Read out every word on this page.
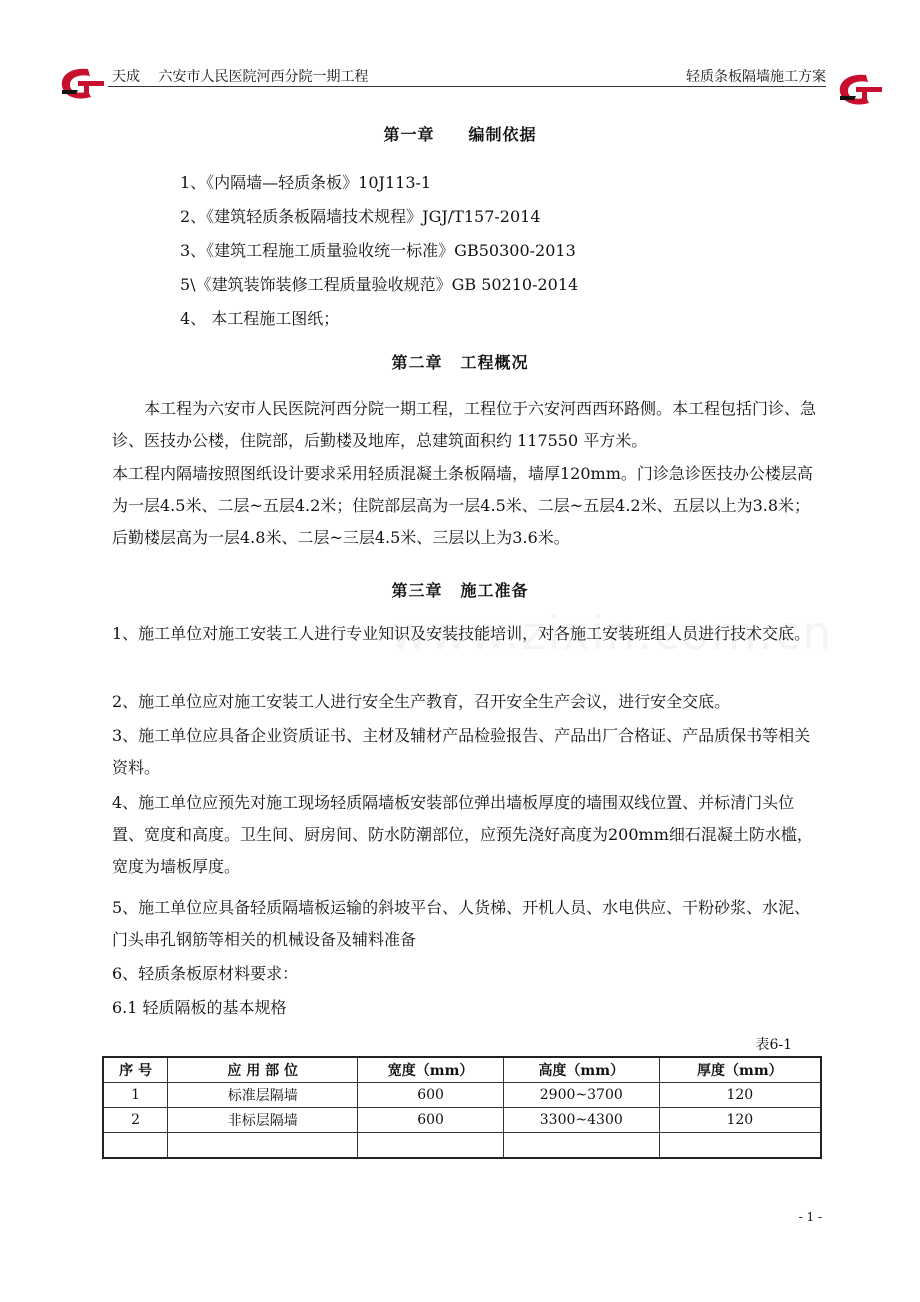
天成 六安市人民医院河西分院一期工程	轻质条板隔墙施工方案
第一章 编制依据
1、《内隔墙—轻质条板》10J113-1
2、《建筑轻质条板隔墙技术规程》JGJ/T157-2014
3、《建筑工程施工质量验收统一标准》GB50300-2013
5\《建筑装饰装修工程质量验收规范》GB 50210-2014
4、 本工程施工图纸；
第二章 工程概况
本工程为六安市人民医院河西分院一期工程，工程位于六安河西西环路侧。本工程包括门诊、急诊、医技办公楼，住院部，后勤楼及地库，总建筑面积约 117550 平方米。
本工程内隔墙按照图纸设计要求采用轻质混凝土条板隔墙，墙厚120mm。门诊急诊医技办公楼层高为一层4.5米、二层~五层4.2米；住院部层高为一层4.5米、二层~五层4.2米、五层以上为3.8米；后勤楼层高为一层4.8米、二层~三层4.5米、三层以上为3.6米。
第三章 施工准备
1、施工单位对施工安装工人进行专业知识及安装技能培训，对各施工安装班组人员进行技术交底。
2、施工单位应对施工安装工人进行安全生产教育，召开安全生产会议，进行安全交底。
3、施工单位应具备企业资质证书、主材及辅材产品检验报告、产品出厂合格证、产品质保书等相关资料。
4、施工单位应预先对施工现场轻质隔墙板安装部位弹出墙板厚度的墙围双线位置、并标清门头位置、宽度和高度。卫生间、厨房间、防水防潮部位，应预先浇好高度为200mm细石混凝土防水槛，宽度为墙板厚度。
5、施工单位应具备轻质隔墙板运输的斜坡平台、人货梯、开机人员、水电供应、干粉砂浆、水泥、门头串孔钢筋等相关的机械设备及辅料准备
6、轻质条板原材料要求：
6.1 轻质隔板的基本规格
表6-1
序 号	应 用 部 位	宽度（mm）	高度（mm）	厚度（mm）
1	标准层隔墙	600	2900~3700	120
2	非标层隔墙	600	3300~4300	120

- 1 -
